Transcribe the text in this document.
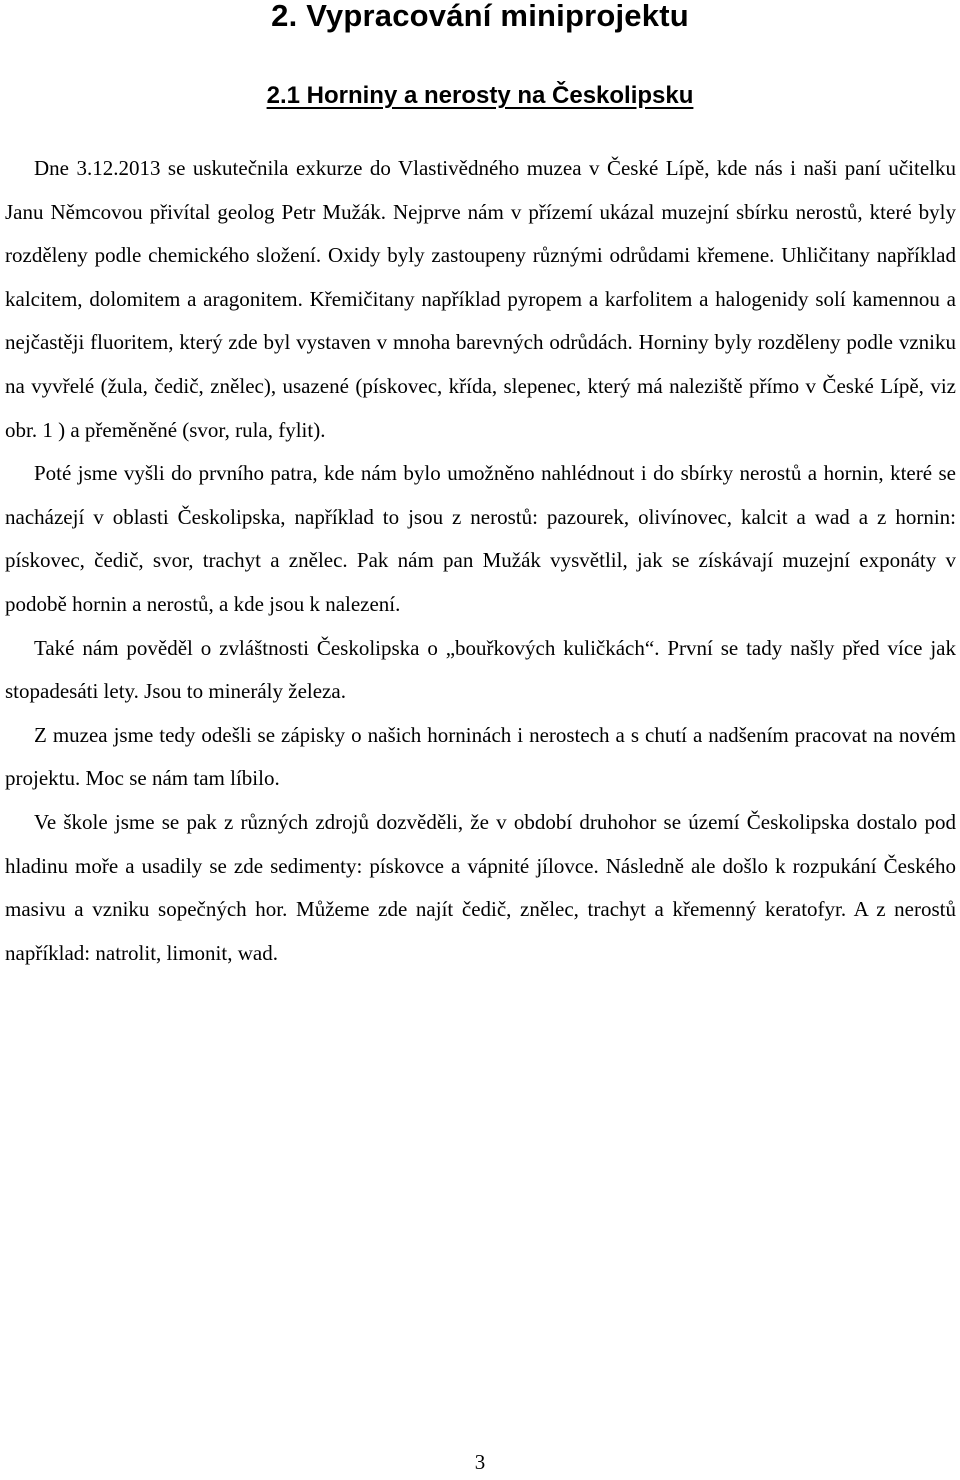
2. Vypracování miniprojektu
2.1 Horniny a nerosty na Českolipsku

Dne 3.12.2013 se uskutečnila exkurze do Vlastivědného muzea v České Lípě, kde nás i naši paní učitelku Janu Němcovou přivítal geolog Petr Mužák. Nejprve nám v přízemí ukázal muzejní sbírku nerostů, které byly rozděleny podle chemického složení. Oxidy byly zastoupeny různými odrůdami křemene. Uhličitany například kalcitem, dolomitem a aragonitem. Křemičitany například pyropem a karfolitem a halogenidy solí kamennou a nejčastěji fluoritem, který zde byl vystaven v mnoha barevných odrůdách. Horniny byly rozděleny podle vzniku na vyvřelé (žula, čedič, znělec), usazené (pískovec, křída, slepenec, který má naleziště přímo v České Lípě, viz obr. 1 ) a přeměněné (svor, rula, fylit).

Poté jsme vyšli do prvního patra, kde nám bylo umožněno nahlédnout i do sbírky nerostů a hornin, které se nacházejí v oblasti Českolipska, například to jsou z nerostů: pazourek, olivínovec, kalcit a wad a z hornin: pískovec, čedič, svor, trachyt a znělec. Pak nám pan Mužák vysvětlil, jak se získávají muzejní exponáty v podobě hornin a nerostů, a kde jsou k nalezení.

Také nám pověděl o zvláštnosti Českolipska o „bouřkových kuličkách“. První se tady našly před více jak stopadesáti lety. Jsou to minerály železa.

Z muzea jsme tedy odešli se zápisky o našich horninách i nerostech a s chutí a nadšením pracovat na novém projektu. Moc se nám tam líbilo.

Ve škole jsme se pak z různých zdrojů dozvěděli, že v období druhohor se území Českolipska dostalo pod hladinu moře a usadily se zde sedimenty: pískovce a vápnité jílovce. Následně ale došlo k rozpukání Českého masivu a vzniku sopečných hor. Můžeme zde najít čedič, znělec, trachyt a křemenný keratofyr. A z nerostů například: natrolit, limonit, wad.

3
